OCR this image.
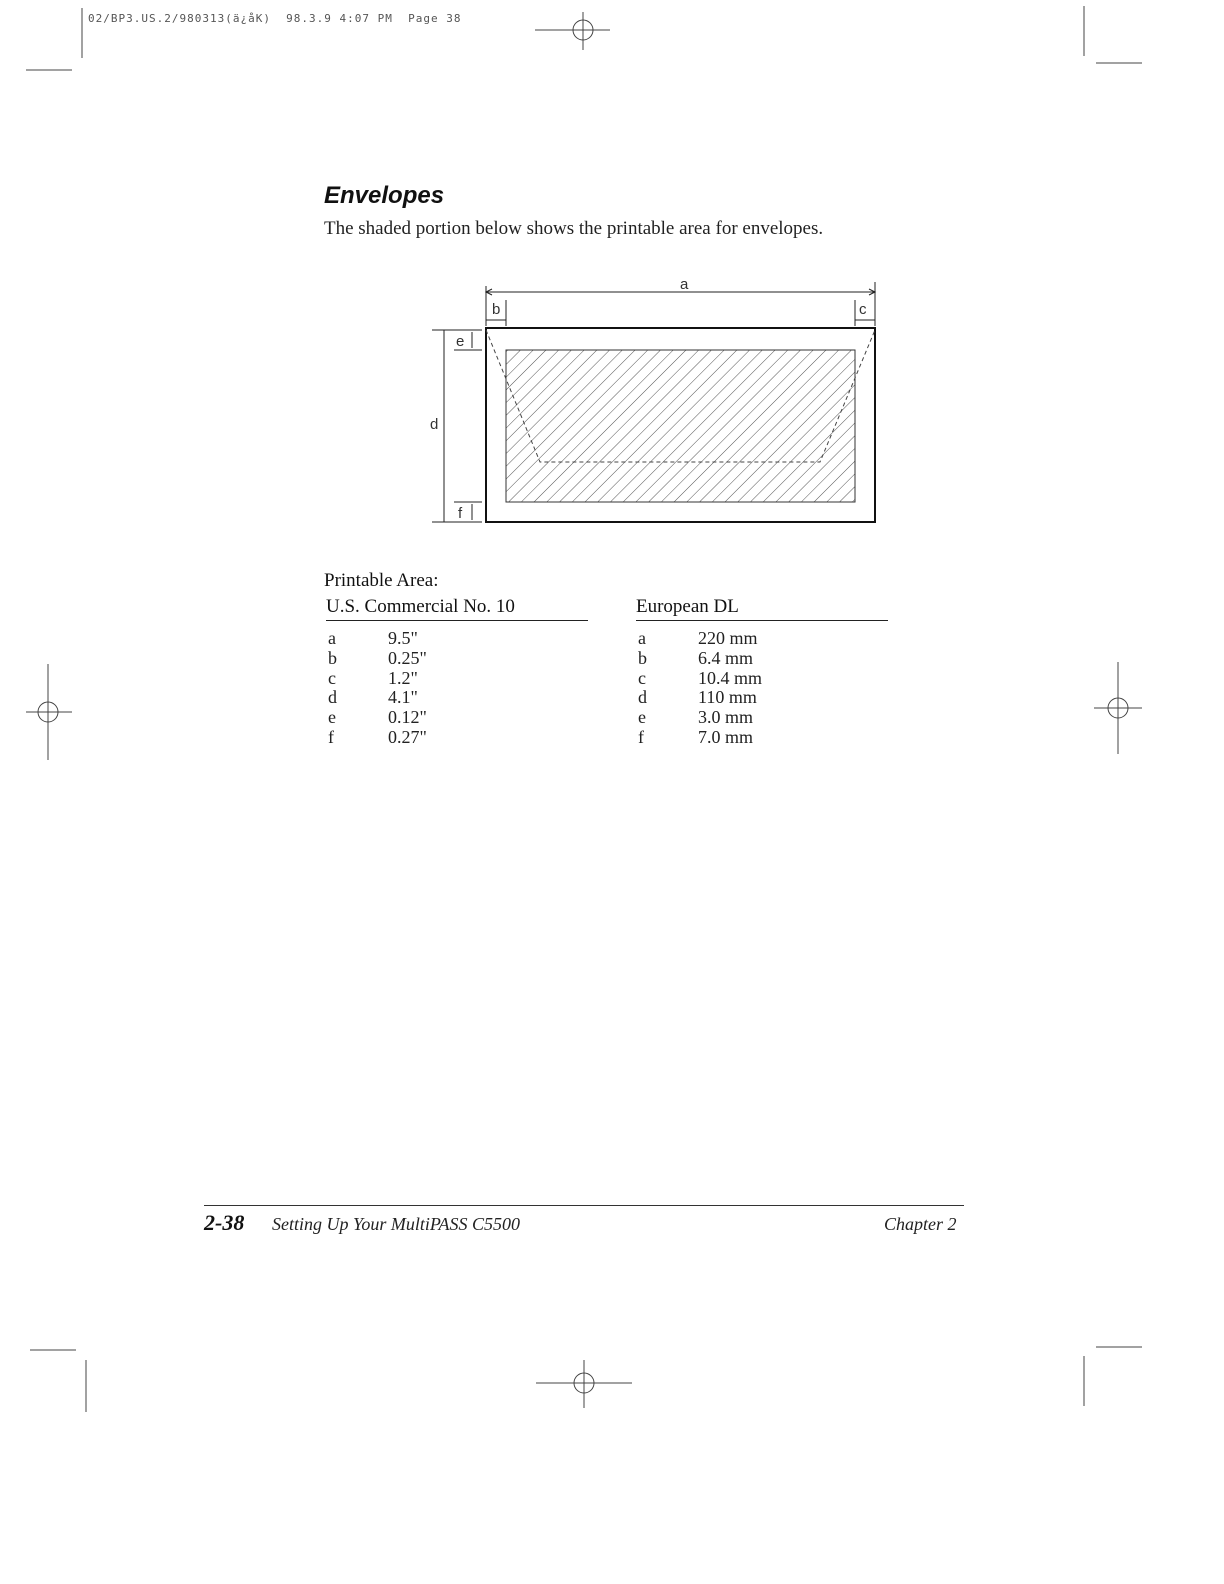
02/BP3.US.2/980313(ä¿åK)  98.3.9 4:07 PM  Page 38
Envelopes

The shaded portion below shows the printable area for envelopes.

a
b	c
d
e
f

Printable Area:

U.S. Commercial No. 10
a	9.5"
b	0.25"
c	1.2"
d	4.1"
e	0.12"
f	0.27"
European DL
a	220 mm
b	6.4 mm
c	10.4 mm
d	110 mm
e	3.0 mm
f	7.0 mm
2-38 Setting Up Your MultiPASS C5500	Chapter 2
